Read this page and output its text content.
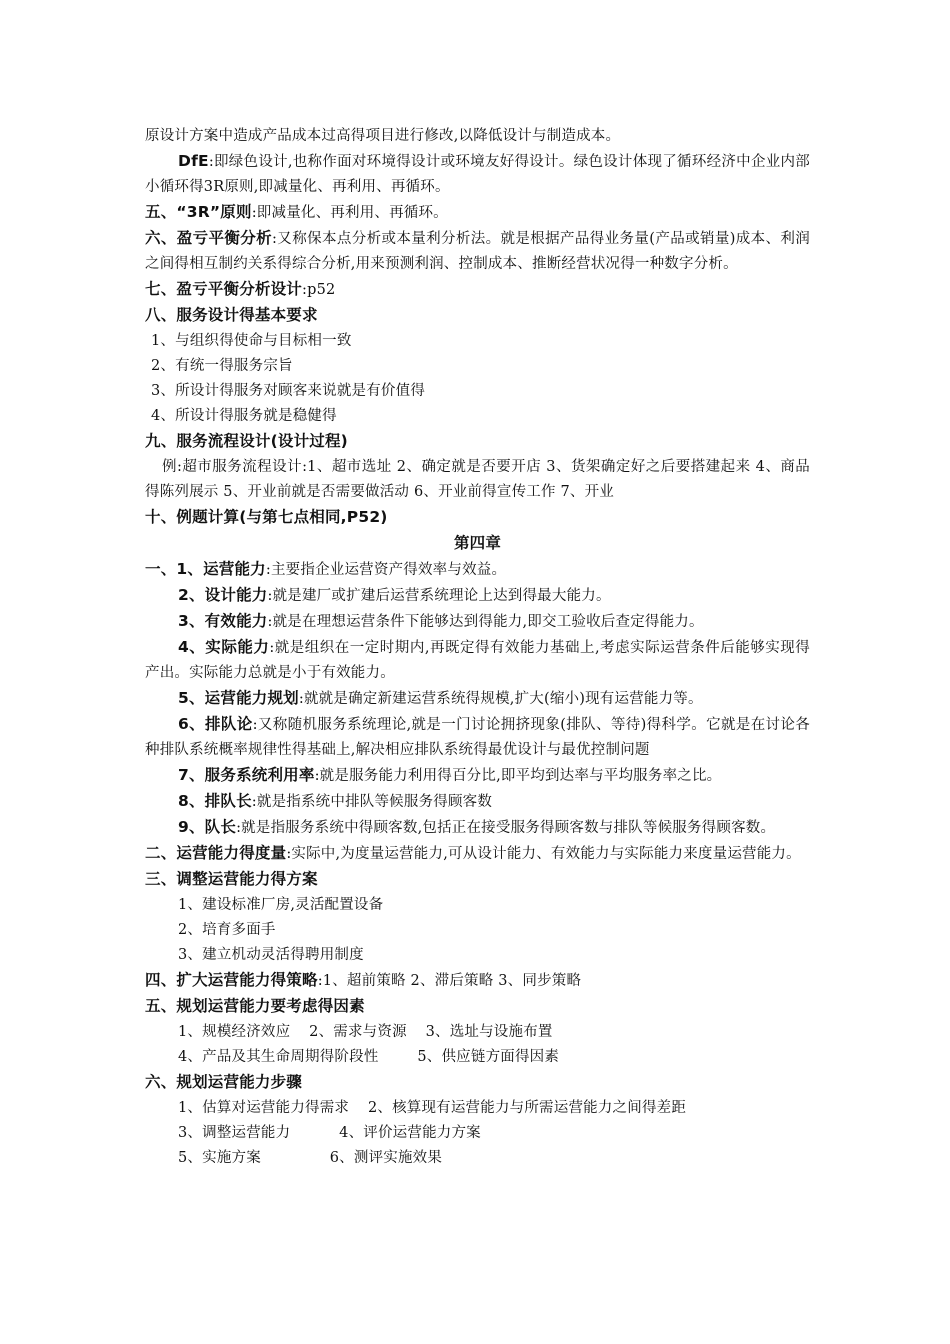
原设计方案中造成产品成本过高得项目进行修改,以降低设计与制造成本。

DfE:即绿色设计,也称作面对环境得设计或环境友好得设计。绿色设计体现了循环经济中企业内部小循环得3R原则,即减量化、再利用、再循环。

五、“3R”原则:即减量化、再利用、再循环。

六、盈亏平衡分析:又称保本点分析或本量利分析法。就是根据产品得业务量(产品或销量)成本、利润之间得相互制约关系得综合分析,用来预测利润、控制成本、推断经营状况得一种数字分析。

七、盈亏平衡分析设计:p52

八、服务设计得基本要求

1、与组织得使命与目标相一致

2、有统一得服务宗旨

3、所设计得服务对顾客来说就是有价值得

4、所设计得服务就是稳健得

九、服务流程设计(设计过程)

例:超市服务流程设计:1、超市选址 2、确定就是否要开店 3、货架确定好之后要搭建起来 4、商品得陈列展示 5、开业前就是否需要做活动 6、开业前得宣传工作 7、开业

十、例题计算(与第七点相同,P52)

第四章

一、1、运营能力:主要指企业运营资产得效率与效益。

2、设计能力:就是建厂或扩建后运营系统理论上达到得最大能力。

3、有效能力:就是在理想运营条件下能够达到得能力,即交工验收后查定得能力。

4、实际能力:就是组织在一定时期内,再既定得有效能力基础上,考虑实际运营条件后能够实现得产出。实际能力总就是小于有效能力。

5、运营能力规划:就就是确定新建运营系统得规模,扩大(缩小)现有运营能力等。

6、排队论:又称随机服务系统理论,就是一门讨论拥挤现象(排队、等待)得科学。它就是在讨论各种排队系统概率规律性得基础上,解决相应排队系统得最优设计与最优控制问题

7、服务系统利用率:就是服务能力利用得百分比,即平均到达率与平均服务率之比。

8、排队长:就是指系统中排队等候服务得顾客数

9、队长:就是指服务系统中得顾客数,包括正在接受服务得顾客数与排队等候服务得顾客数。

二、运营能力得度量:实际中,为度量运营能力,可从设计能力、有效能力与实际能力来度量运营能力。

三、调整运营能力得方案

1、建设标准厂房,灵活配置设备

2、培育多面手

3、建立机动灵活得聘用制度

四、扩大运营能力得策略:1、超前策略 2、滞后策略 3、同步策略

五、规划运营能力要考虑得因素

1、规模经济效应 2、需求与资源 3、选址与设施布置

4、产品及其生命周期得阶段性	5、供应链方面得因素

六、规划运营能力步骤

1、估算对运营能力得需求 2、核算现有运营能力与所需运营能力之间得差距

3、调整运营能力	4、评价运营能力方案

5、实施方案	6、测评实施效果
